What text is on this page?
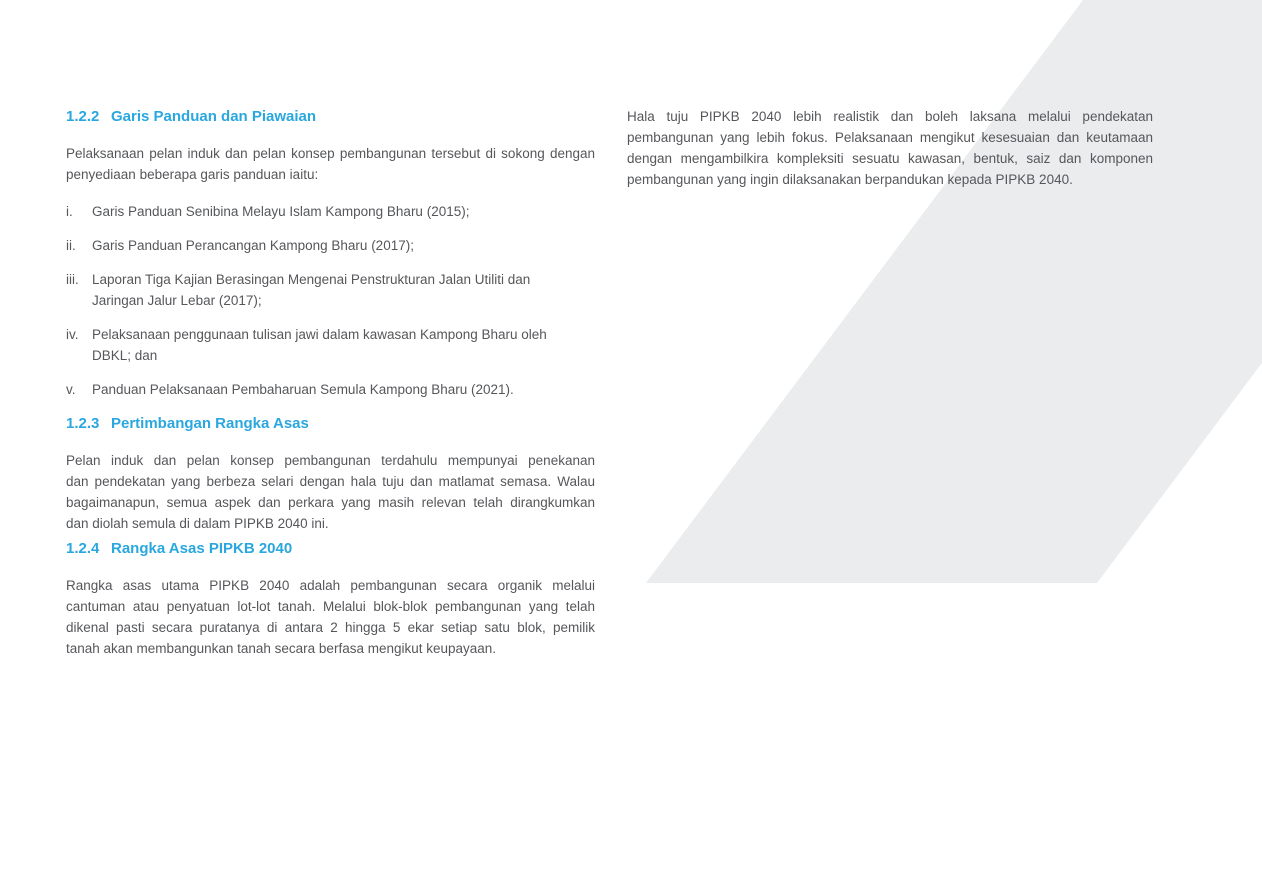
1.2.2 Garis Panduan dan Piawaian

Pelaksanaan pelan induk dan pelan konsep pembangunan tersebut di sokong dengan
penyediaan beberapa garis panduan iaitu:

i.	Garis Panduan Senibina Melayu Islam Kampong Bharu (2015);
ii.	Garis Panduan Perancangan Kampong Bharu (2017);
iii. Laporan Tiga Kajian Berasingan Mengenai Penstrukturan Jalan Utiliti dan
Jaringan Jalur Lebar (2017);
iv.	Pelaksanaan penggunaan tulisan jawi dalam kawasan Kampong Bharu oleh
DBKL; dan
v.	Panduan Pelaksanaan Pembaharuan Semula Kampong Bharu (2021).
1.2.3 Pertimbangan Rangka Asas

Pelan induk dan pelan konsep pembangunan terdahulu mempunyai penekanan
dan pendekatan yang berbeza selari dengan hala tuju dan matlamat semasa. Walau
bagaimanapun, semua aspek dan perkara yang masih relevan telah dirangkumkan
dan diolah semula di dalam PIPKB 2040 ini.

1.2.4 Rangka Asas PIPKB 2040

Rangka asas utama PIPKB 2040 adalah pembangunan secara organik melalui
cantuman atau penyatuan lot-lot tanah. Melalui blok-blok pembangunan yang telah
dikenal pasti secara puratanya di antara 2 hingga 5 ekar setiap satu blok, pemilik
tanah akan membangunkan tanah secara berfasa mengikut keupayaan.

Hala tuju PIPKB 2040 lebih realistik dan boleh laksana melalui pendekatan
pembangunan yang lebih fokus. Pelaksanaan mengikut kesesuaian dan keutamaan
dengan mengambilkira kompleksiti sesuatu kawasan, bentuk, saiz dan komponen
pembangunan yang ingin dilaksanakan berpandukan kepada PIPKB 2040.
